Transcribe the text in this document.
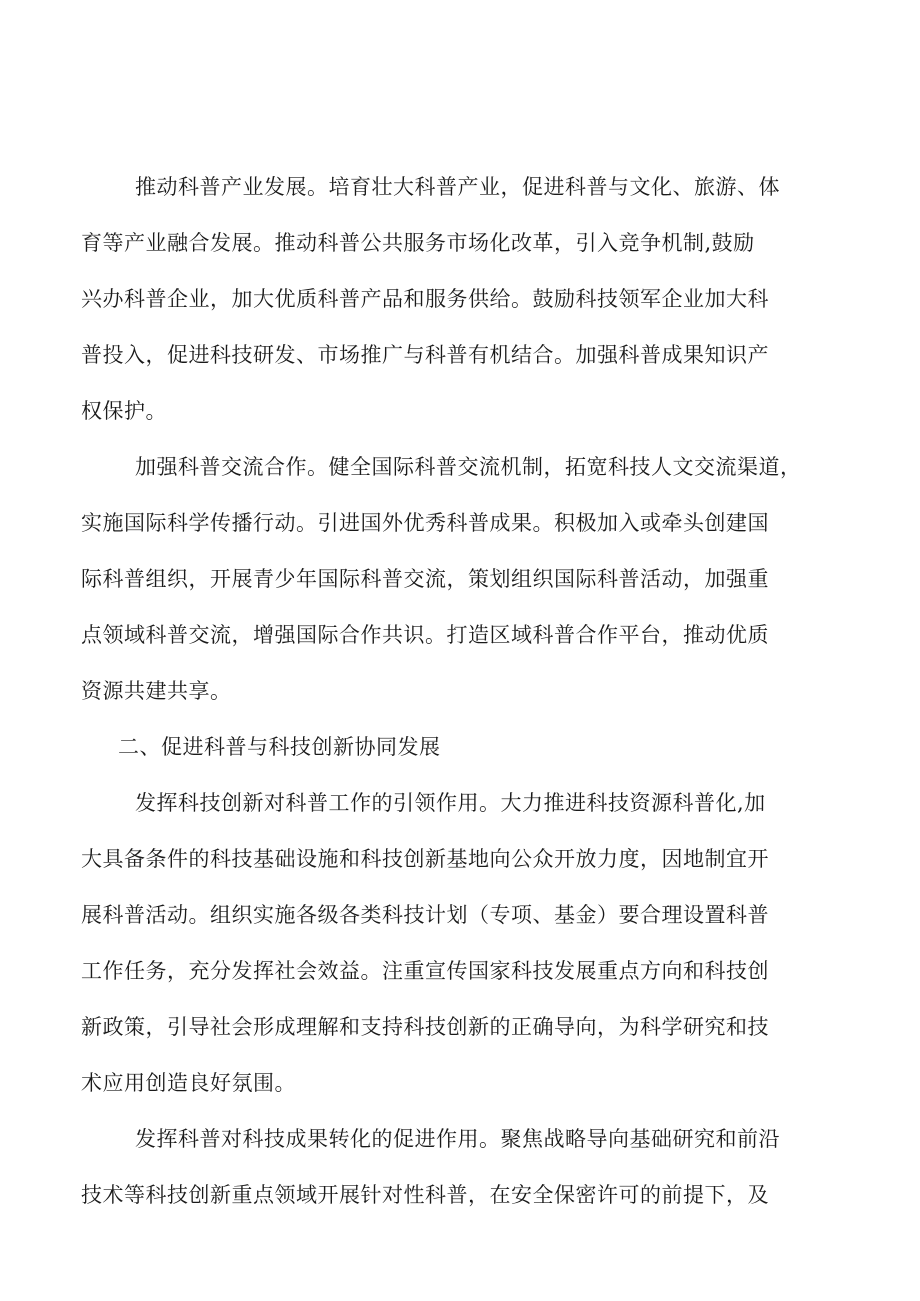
推动科普产业发展。培育壮大科普产业，促进科普与文化、旅游、体
育等产业融合发展。推动科普公共服务市场化改革，引入竞争机制,鼓励
兴办科普企业，加大优质科普产品和服务供给。鼓励科技领军企业加大科
普投入，促进科技研发、市场推广与科普有机结合。加强科普成果知识产
权保护。
加强科普交流合作。健全国际科普交流机制，拓宽科技人文交流渠道，
实施国际科学传播行动。引进国外优秀科普成果。积极加入或牵头创建国
际科普组织，开展青少年国际科普交流，策划组织国际科普活动，加强重
点领域科普交流，增强国际合作共识。打造区域科普合作平台，推动优质
资源共建共享。
二、促进科普与科技创新协同发展
发挥科技创新对科普工作的引领作用。大力推进科技资源科普化,加
大具备条件的科技基础设施和科技创新基地向公众开放力度，因地制宜开
展科普活动。组织实施各级各类科技计划（专项、基金）要合理设置科普
工作任务，充分发挥社会效益。注重宣传国家科技发展重点方向和科技创
新政策，引导社会形成理解和支持科技创新的正确导向，为科学研究和技
术应用创造良好氛围。
发挥科普对科技成果转化的促进作用。聚焦战略导向基础研究和前沿
技术等科技创新重点领域开展针对性科普，在安全保密许可的前提下，及
